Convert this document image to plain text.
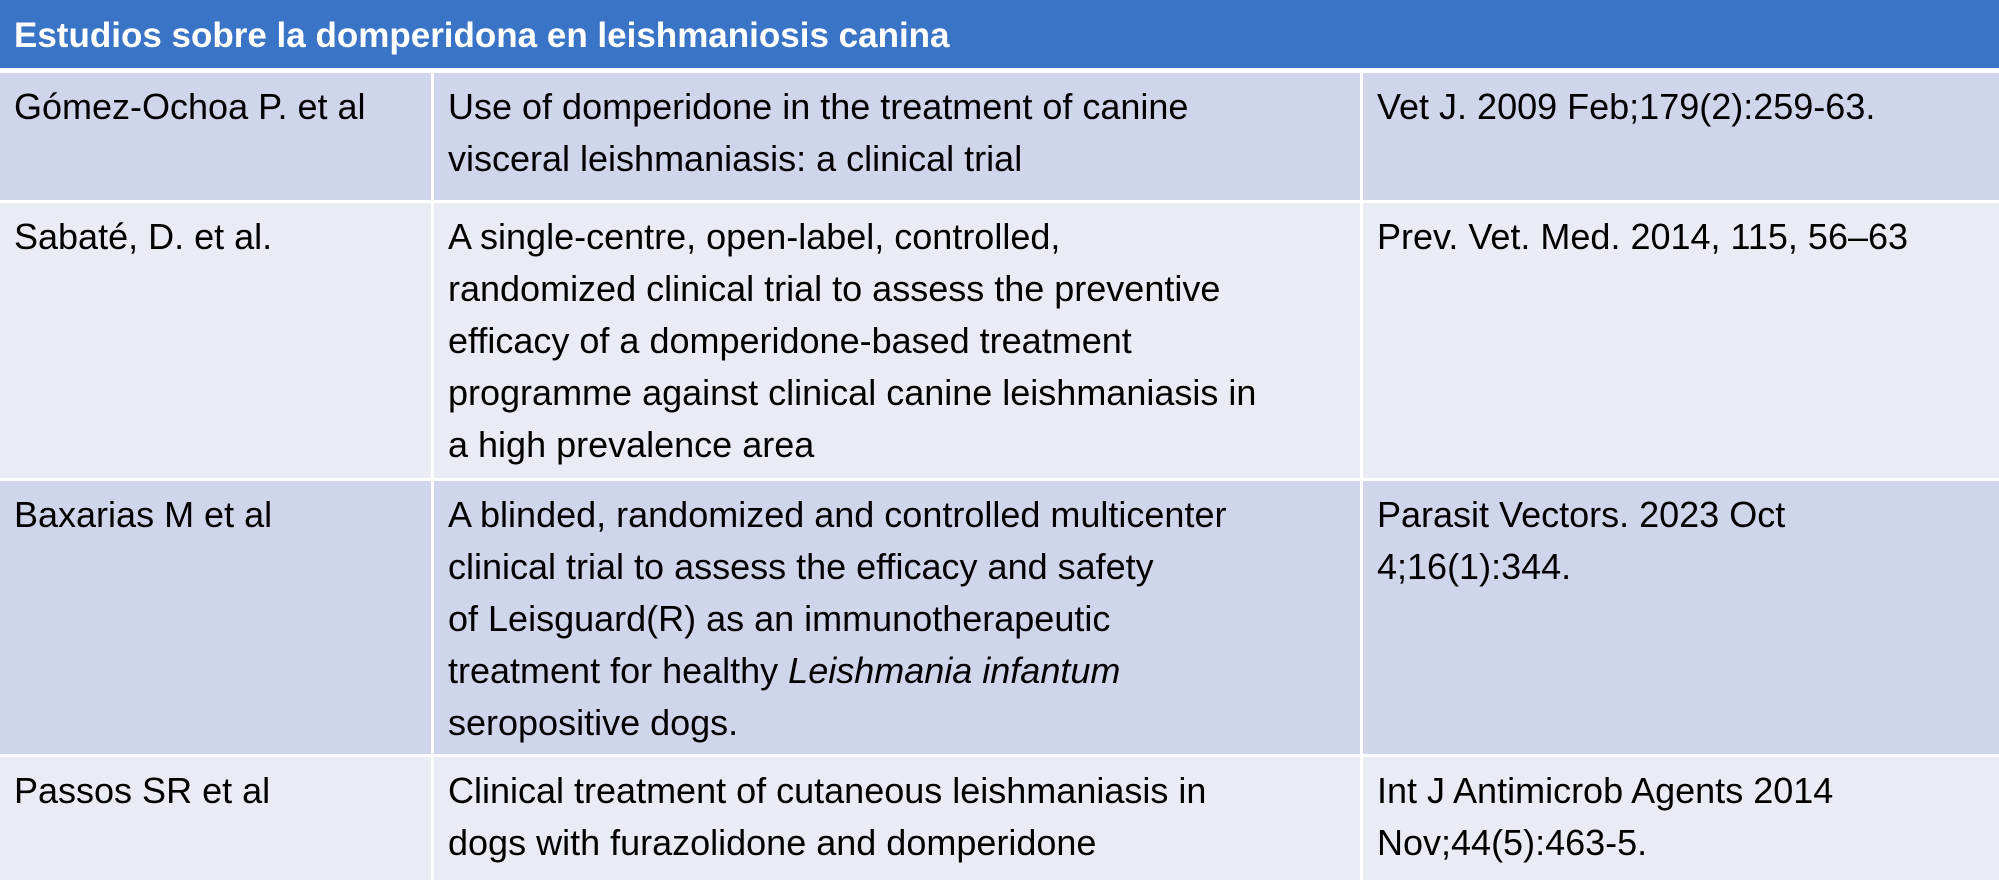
Estudios sobre la domperidona en leishmaniosis canina		

Gómez-Ochoa P. et al	Use of domperidone in the treatment of canine
visceral leishmaniasis: a clinical trial	Vet J. 2009 Feb;179(2):259-63.

Sabaté, D. et al.	A single-centre, open-label, controlled,
randomized clinical trial to assess the preventive
efficacy of a domperidone-based treatment
programme against clinical canine leishmaniasis in
a high prevalence area	Prev. Vet. Med. 2014, 115, 56–63

Baxarias M et al	A blinded, randomized and controlled multicenter
clinical trial to assess the efficacy and safety
of Leisguard(R) as an immunotherapeutic
treatment for healthy Leishmania infantum
seropositive dogs.	Parasit Vectors. 2023 Oct
4;16(1):344.

Passos SR et al	Clinical treatment of cutaneous leishmaniasis in
dogs with furazolidone and domperidone	Int J Antimicrob Agents 2014
Nov;44(5):463-5.
